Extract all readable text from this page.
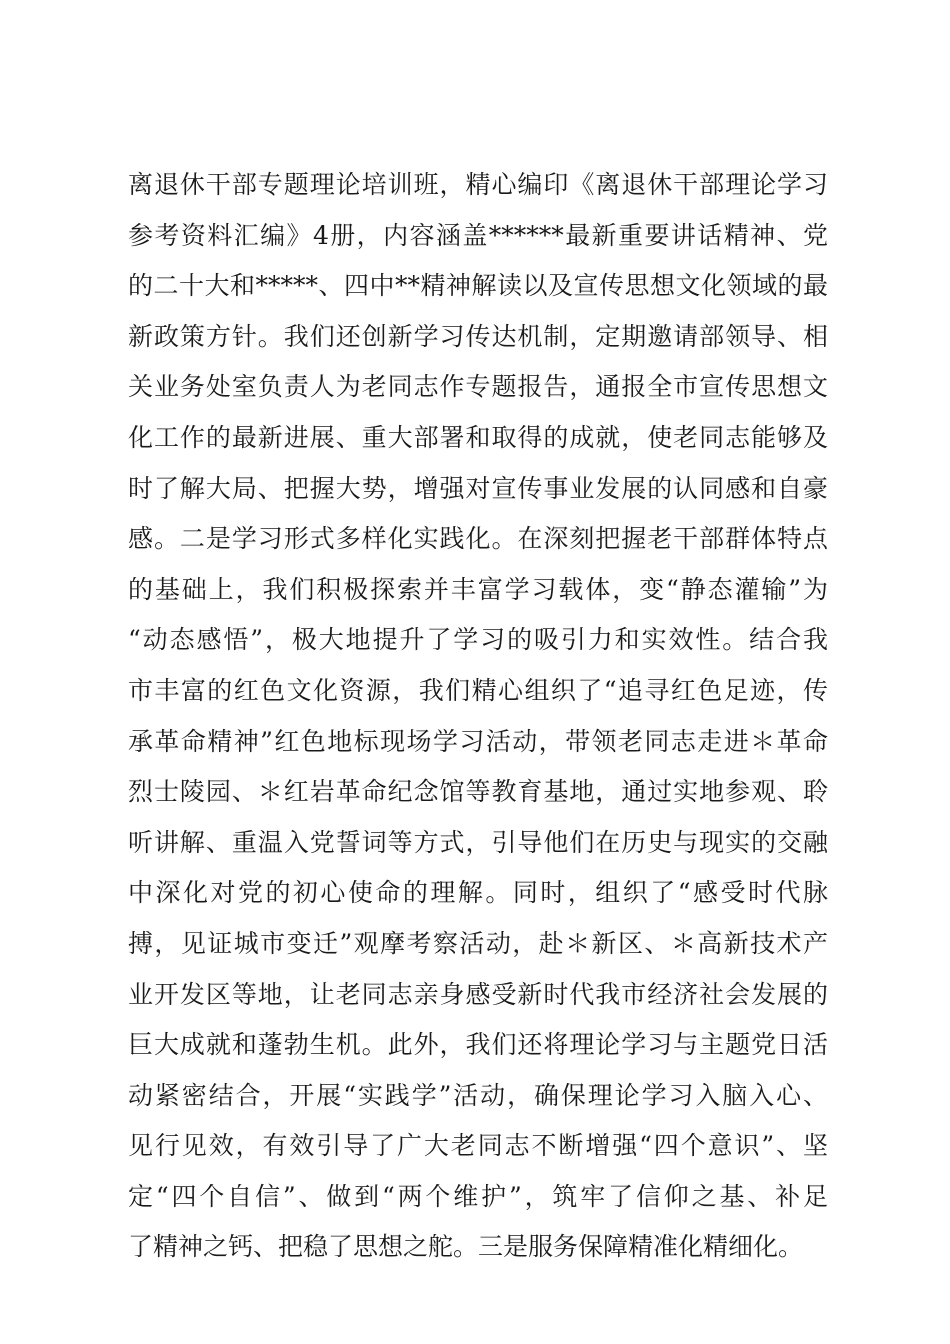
离退休干部专题理论培训班，精心编印《离退休干部理论学习
参考资料汇编》4册，内容涵盖******最新重要讲话精神、党
的二十大和*****、四中**精神解读以及宣传思想文化领域的最
新政策方针。我们还创新学习传达机制，定期邀请部领导、相
关业务处室负责人为老同志作专题报告，通报全市宣传思想文
化工作的最新进展、重大部署和取得的成就，使老同志能够及
时了解大局、把握大势，增强对宣传事业发展的认同感和自豪
感。二是学习形式多样化实践化。在深刻把握老干部群体特点
的基础上，我们积极探索并丰富学习载体，变“静态灌输”为
“动态感悟”，极大地提升了学习的吸引力和实效性。结合我
市丰富的红色文化资源，我们精心组织了“追寻红色足迹，传
承革命精神”红色地标现场学习活动，带领老同志走进＊革命
烈士陵园、＊红岩革命纪念馆等教育基地，通过实地参观、聆
听讲解、重温入党誓词等方式，引导他们在历史与现实的交融
中深化对党的初心使命的理解。同时，组织了“感受时代脉
搏，见证城市变迁”观摩考察活动，赴＊新区、＊高新技术产
业开发区等地，让老同志亲身感受新时代我市经济社会发展的
巨大成就和蓬勃生机。此外，我们还将理论学习与主题党日活
动紧密结合，开展“实践学”活动，确保理论学习入脑入心、
见行见效，有效引导了广大老同志不断增强“四个意识”、坚
定“四个自信”、做到“两个维护”，筑牢了信仰之基、补足
了精神之钙、把稳了思想之舵。三是服务保障精准化精细化。
